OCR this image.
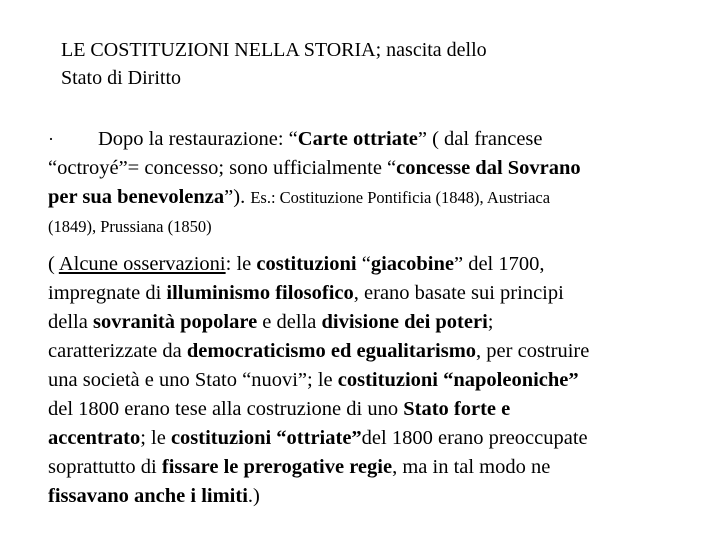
LE COSTITUZIONI NELLA STORIA; nascita dello
Stato di Diritto

· Dopo la restaurazione: “Carte ottriate” ( dal francese
“octroyé”= concesso; sono ufficialmente “concesse dal Sovrano
per sua benevolenza”). Es.: Costituzione Pontificia (1848), Austriaca
(1849), Prussiana (1850)

( Alcune osservazioni: le costituzioni “giacobine” del 1700,
impregnate di illuminismo filosofico, erano basate sui principi
della sovranità popolare e della divisione dei poteri;
caratterizzate da democraticismo ed egualitarismo, per costruire
una società e uno Stato “nuovi”; le costituzioni “napoleoniche”
del 1800 erano tese alla costruzione di uno Stato forte e
accentrato; le costituzioni “ottriate”del 1800 erano preoccupate
soprattutto di fissare le prerogative regie, ma in tal modo ne
fissavano anche i limiti.)
